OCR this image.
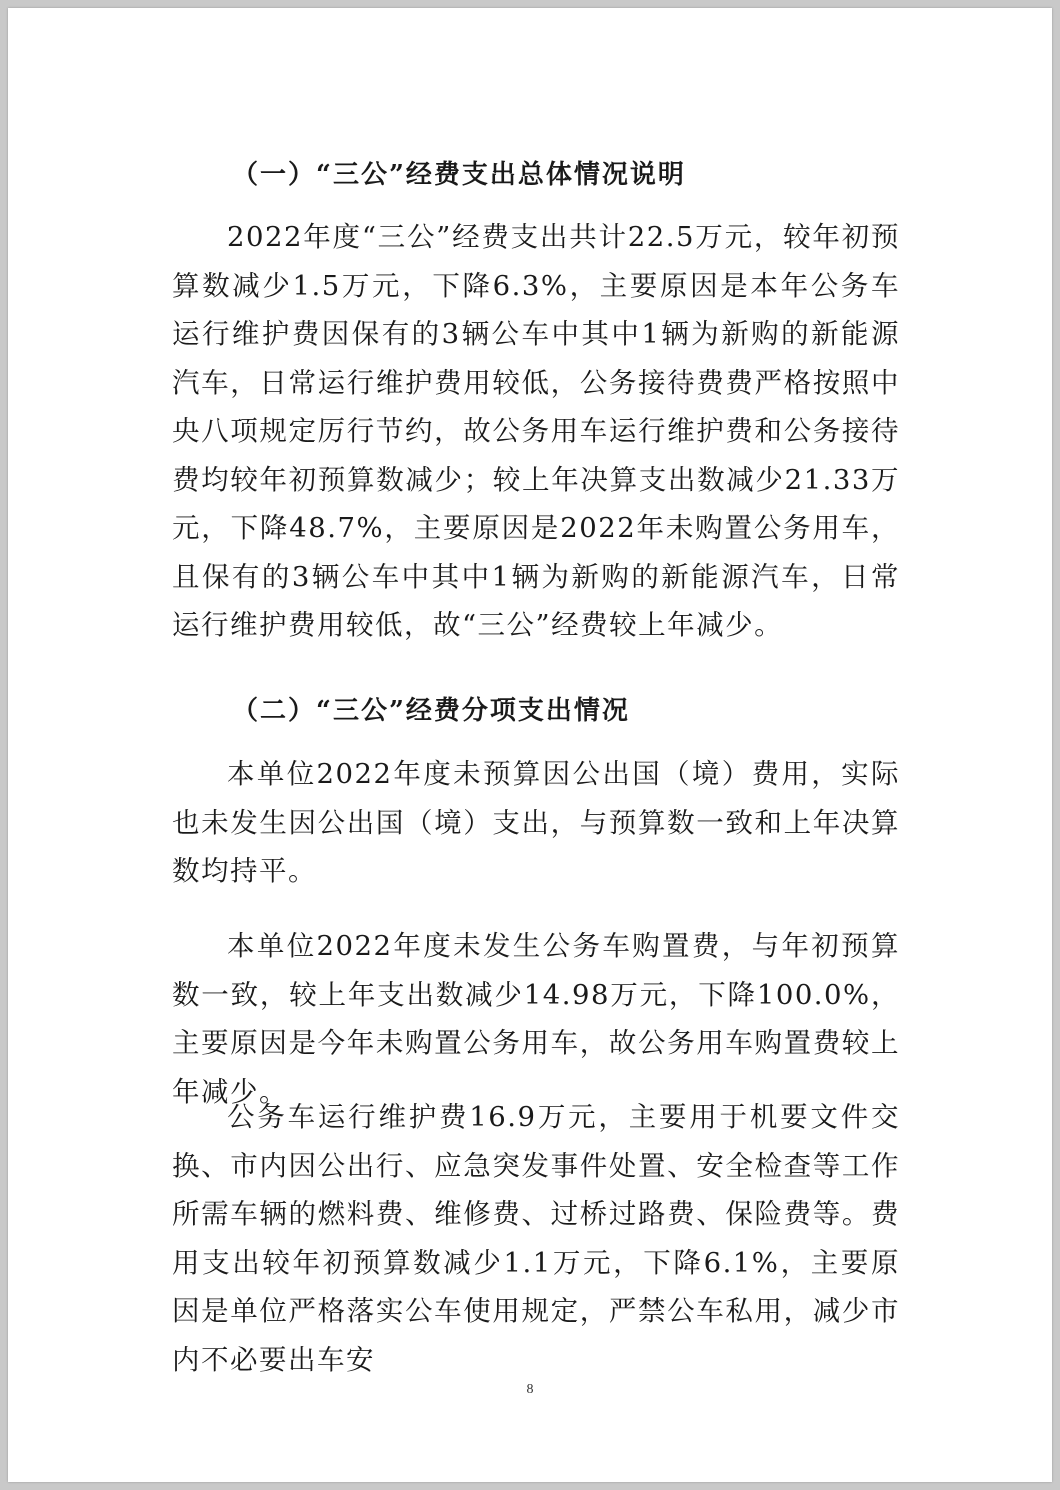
（一）“三公”经费支出总体情况说明

2022年度“三公”经费支出共计22.5万元，较年初预算数减少1.5万元，下降6.3%，主要原因是本年公务车运行维护费因保有的3辆公车中其中1辆为新购的新能源汽车，日常运行维护费用较低，公务接待费费严格按照中央八项规定厉行节约，故公务用车运行维护费和公务接待费均较年初预算数减少；较上年决算支出数减少21.33万元，下降48.7%，主要原因是2022年未购置公务用车，且保有的3辆公车中其中1辆为新购的新能源汽车，日常运行维护费用较低，故“三公”经费较上年减少。

（二）“三公”经费分项支出情况

本单位2022年度未预算因公出国（境）费用，实际也未发生因公出国（境）支出，与预算数一致和上年决算数均持平。

本单位2022年度未发生公务车购置费，与年初预算数一致，较上年支出数减少14.98万元，下降100.0%，主要原因是今年未购置公务用车，故公务用车购置费较上年减少。

公务车运行维护费16.9万元，主要用于机要文件交换、市内因公出行、应急突发事件处置、安全检查等工作所需车辆的燃料费、维修费、过桥过路费、保险费等。费用支出较年初预算数减少1.1万元，下降6.1%，主要原因是单位严格落实公车使用规定，严禁公车私用，减少市内不必要出车安

8
